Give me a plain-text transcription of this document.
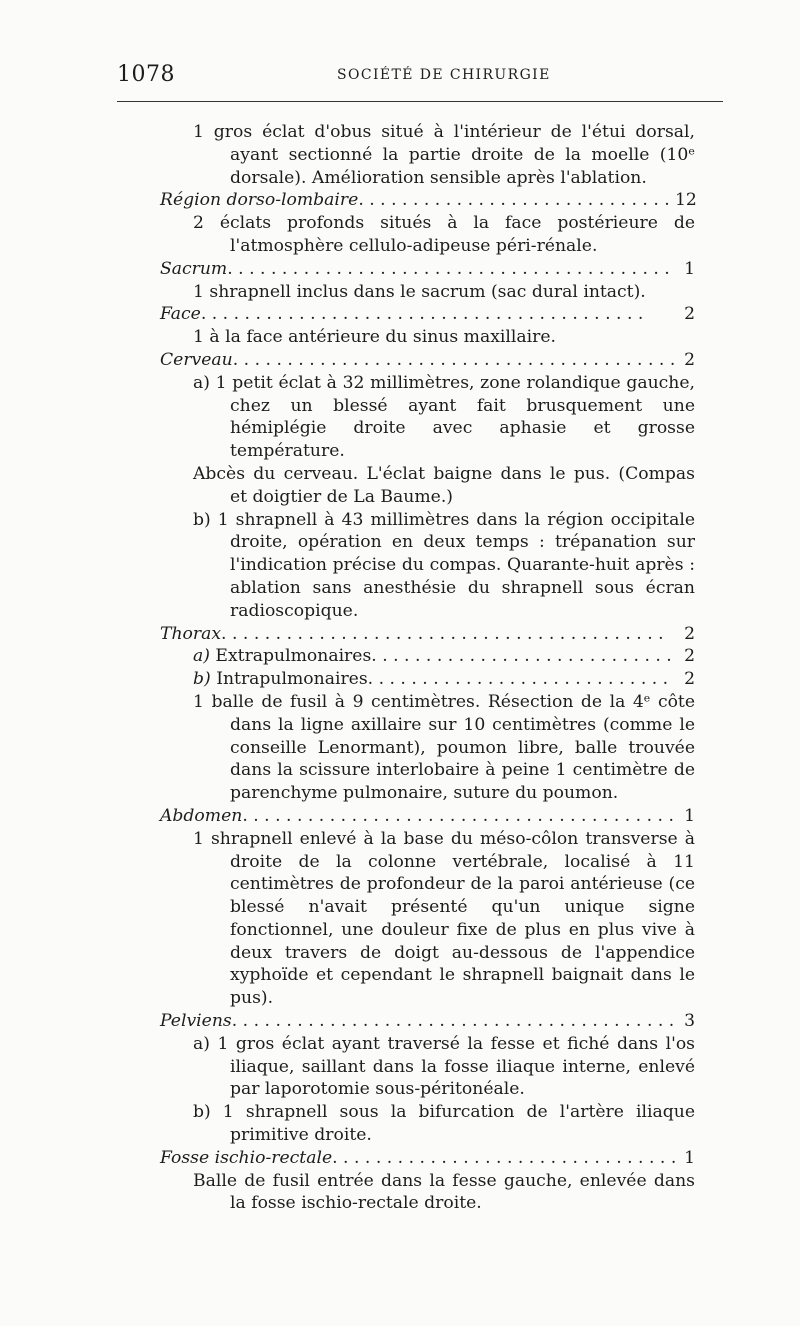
1078	SOCIÉTÉ DE CHIRURGIE
1 gros éclat d'obus situé à l'intérieur de l'étui dorsal, ayant sectionné la partie droite de la moelle (10ᵉ dorsale). Amélioration sensible après l'ablation.
Région dorso-lombaire . . .	12
2 éclats profonds situés à la face postérieure de l'atmosphère cellulo-adipeuse péri-rénale.
Sacrum . . .	1
1 shrapnell inclus dans le sacrum (sac dural intact).
Face . . .	2
1 à la face antérieure du sinus maxillaire.
Cerveau . . .	2
a) 1 petit éclat à 32 millimètres, zone rolandique gauche, chez un blessé ayant fait brusquement une hémiplégie droite avec aphasie et grosse température.
Abcès du cerveau. L'éclat baigne dans le pus. (Compas et doigtier de La Baume.)
b) 1 shrapnell à 43 millimètres dans la région occipitale droite, opération en deux temps : trépanation sur l'indication précise du compas. Quarante-huit après : ablation sans anesthésie du shrapnell sous écran radioscopique.
Thorax . . .	2
a) Extrapulmonaires . . .	2
b) Intrapulmonaires . . .	2
1 balle de fusil à 9 centimètres. Résection de la 4ᵉ côte dans la ligne axillaire sur 10 centimètres (comme le conseille Lenormant), poumon libre, balle trouvée dans la scissure interlobaire à peine 1 centimètre de parenchyme pulmonaire, suture du poumon.
Abdomen . . .	1
1 shrapnell enlevé à la base du méso-côlon transverse à droite de la colonne vertébrale, localisé à 11 centimètres de profondeur de la paroi antérieuse (ce blessé n'avait présenté qu'un unique signe fonctionnel, une douleur fixe de plus en plus vive à deux travers de doigt au-dessous de l'appendice xyphoïde et cependant le shrapnell baignait dans le pus).
Pelviens . . .	3
a) 1 gros éclat ayant traversé la fesse et fiché dans l'os iliaque, saillant dans la fosse iliaque interne, enlevé par laporotomie sous-péritonéale.
b) 1 shrapnell sous la bifurcation de l'artère iliaque primitive droite.
Fosse ischio-rectale . . .	1
Balle de fusil entrée dans la fesse gauche, enlevée dans la fosse ischio-rectale droite.
